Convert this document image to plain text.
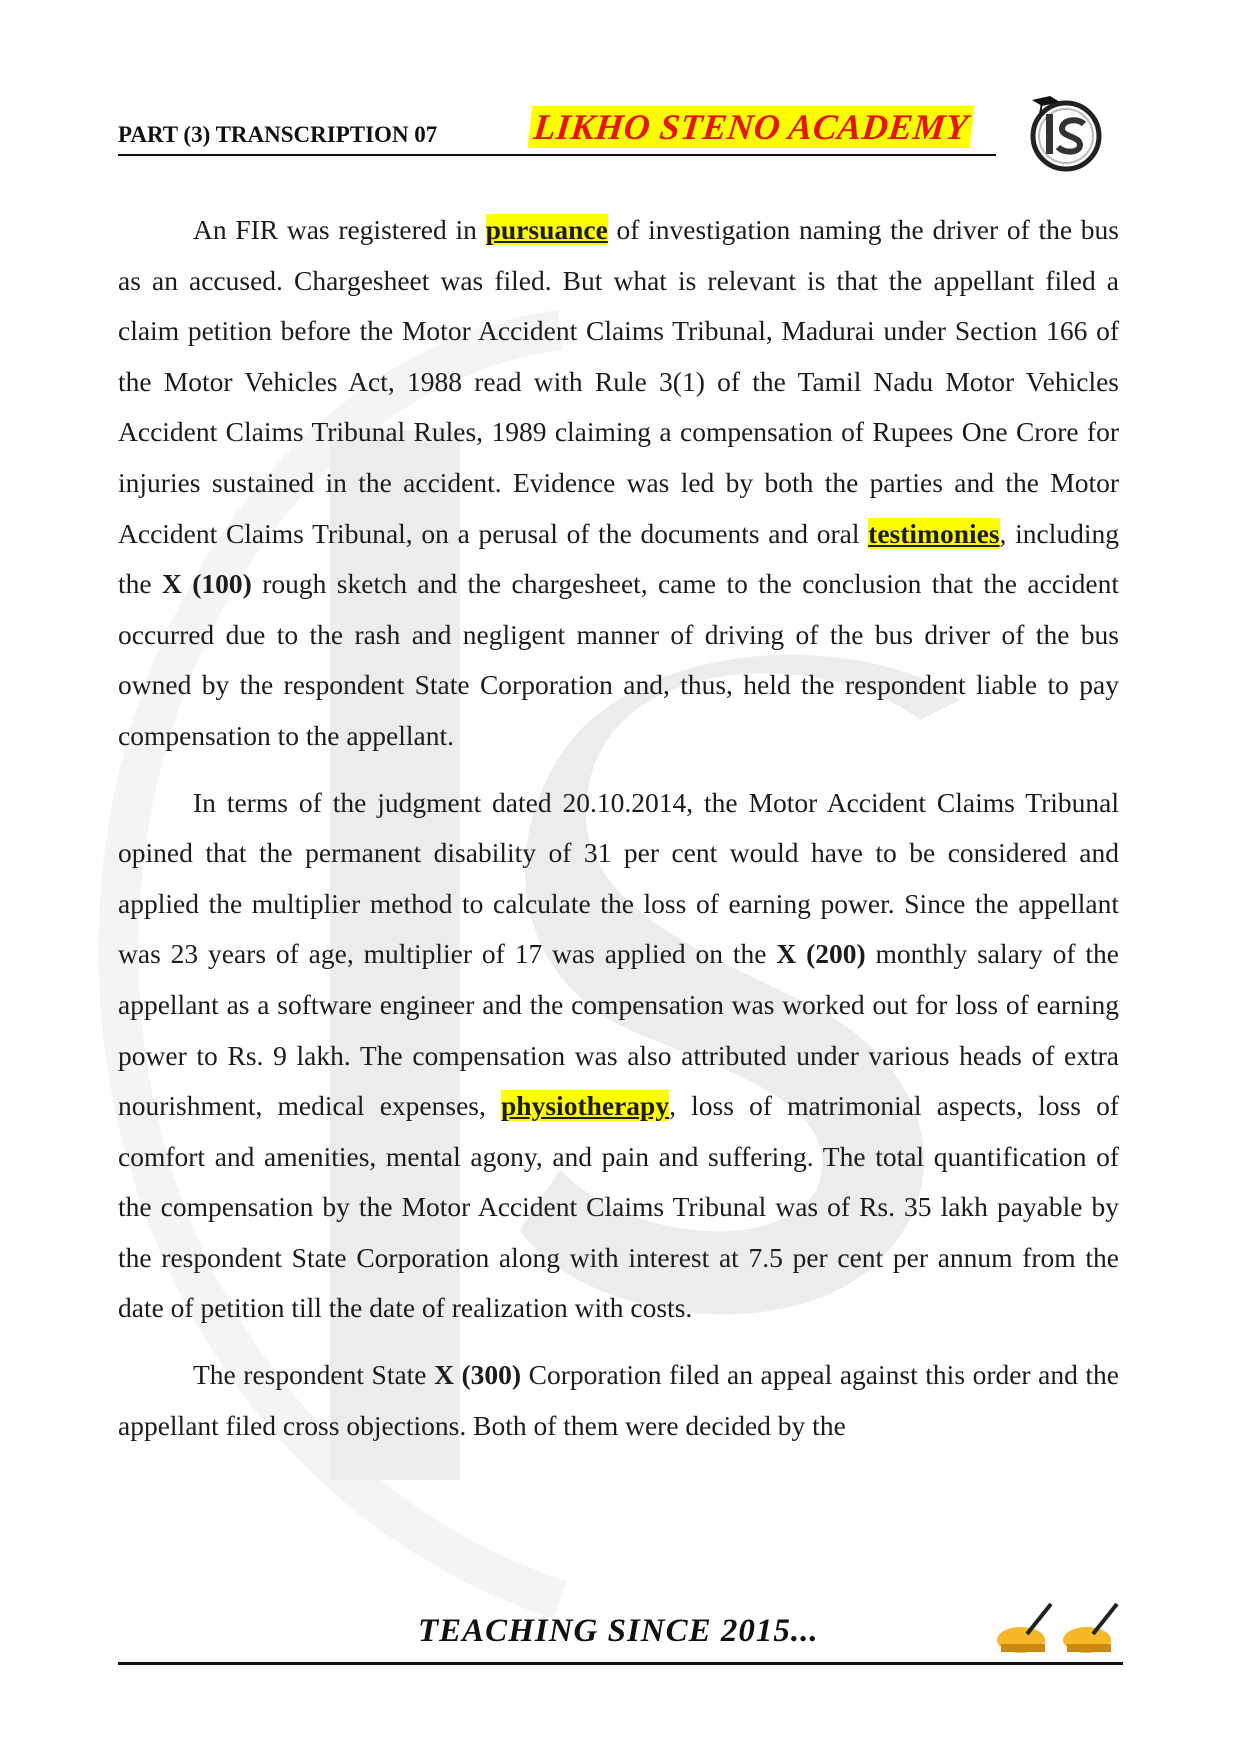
PART (3) TRANSCRIPTION 07	LIKHO STENO ACADEMY

An FIR was registered in pursuance of investigation naming the driver of the bus as an accused. Chargesheet was filed. But what is relevant is that the appellant filed a claim petition before the Motor Accident Claims Tribunal, Madurai under Section 166 of the Motor Vehicles Act, 1988 read with Rule 3(1) of the Tamil Nadu Motor Vehicles Accident Claims Tribunal Rules, 1989 claiming a compensation of Rupees One Crore for injuries sustained in the accident. Evidence was led by both the parties and the Motor Accident Claims Tribunal, on a perusal of the documents and oral testimonies, including the X (100) rough sketch and the chargesheet, came to the conclusion that the accident occurred due to the rash and negligent manner of driving of the bus driver of the bus owned by the respondent State Corporation and, thus, held the respondent liable to pay compensation to the appellant.

In terms of the judgment dated 20.10.2014, the Motor Accident Claims Tribunal opined that the permanent disability of 31 per cent would have to be considered and applied the multiplier method to calculate the loss of earning power. Since the appellant was 23 years of age, multiplier of 17 was applied on the X (200) monthly salary of the appellant as a software engineer and the compensation was worked out for loss of earning power to Rs. 9 lakh. The compensation was also attributed under various heads of extra nourishment, medical expenses, physiotherapy, loss of matrimonial aspects, loss of comfort and amenities, mental agony, and pain and suffering. The total quantification of the compensation by the Motor Accident Claims Tribunal was of Rs. 35 lakh payable by the respondent State Corporation along with interest at 7.5 per cent per annum from the date of petition till the date of realization with costs.

The respondent State X (300) Corporation filed an appeal against this order and the appellant filed cross objections. Both of them were decided by the

TEACHING SINCE 2015...
